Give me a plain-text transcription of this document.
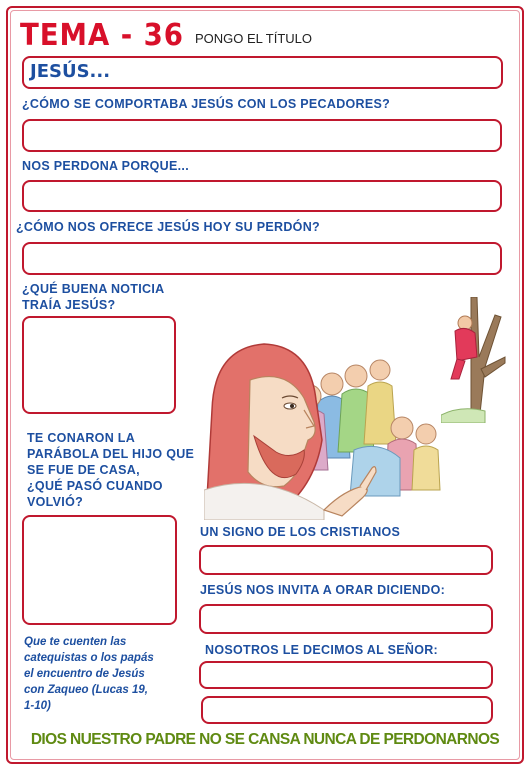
TEMA - 36 PONGO EL TÍTULO
JESÚS...
¿CÓMO SE COMPORTABA JESÚS CON LOS PECADORES?
NOS PERDONA PORQUE...
¿CÓMO NOS OFRECE JESÚS HOY SU PERDÓN?
¿QUÉ BUENA NOTICIA
TRAÍA JESÚS?
TE CONARON LA
PARÁBOLA DEL HIJO QUE
SE FUE DE CASA,
¿QUÉ PASÓ CUANDO
VOLVIÓ?
Que te cuenten las
catequistas o los papás
el encuentro de Jesús
con Zaqueo (Lucas 19,
1-10)
UN SIGNO DE LOS CRISTIANOS
JESÚS NOS INVITA A ORAR DICIENDO:
NOSOTROS LE DECIMOS AL SEÑOR:
DIOS NUESTRO PADRE NO SE CANSA NUNCA DE PERDONARNOS
